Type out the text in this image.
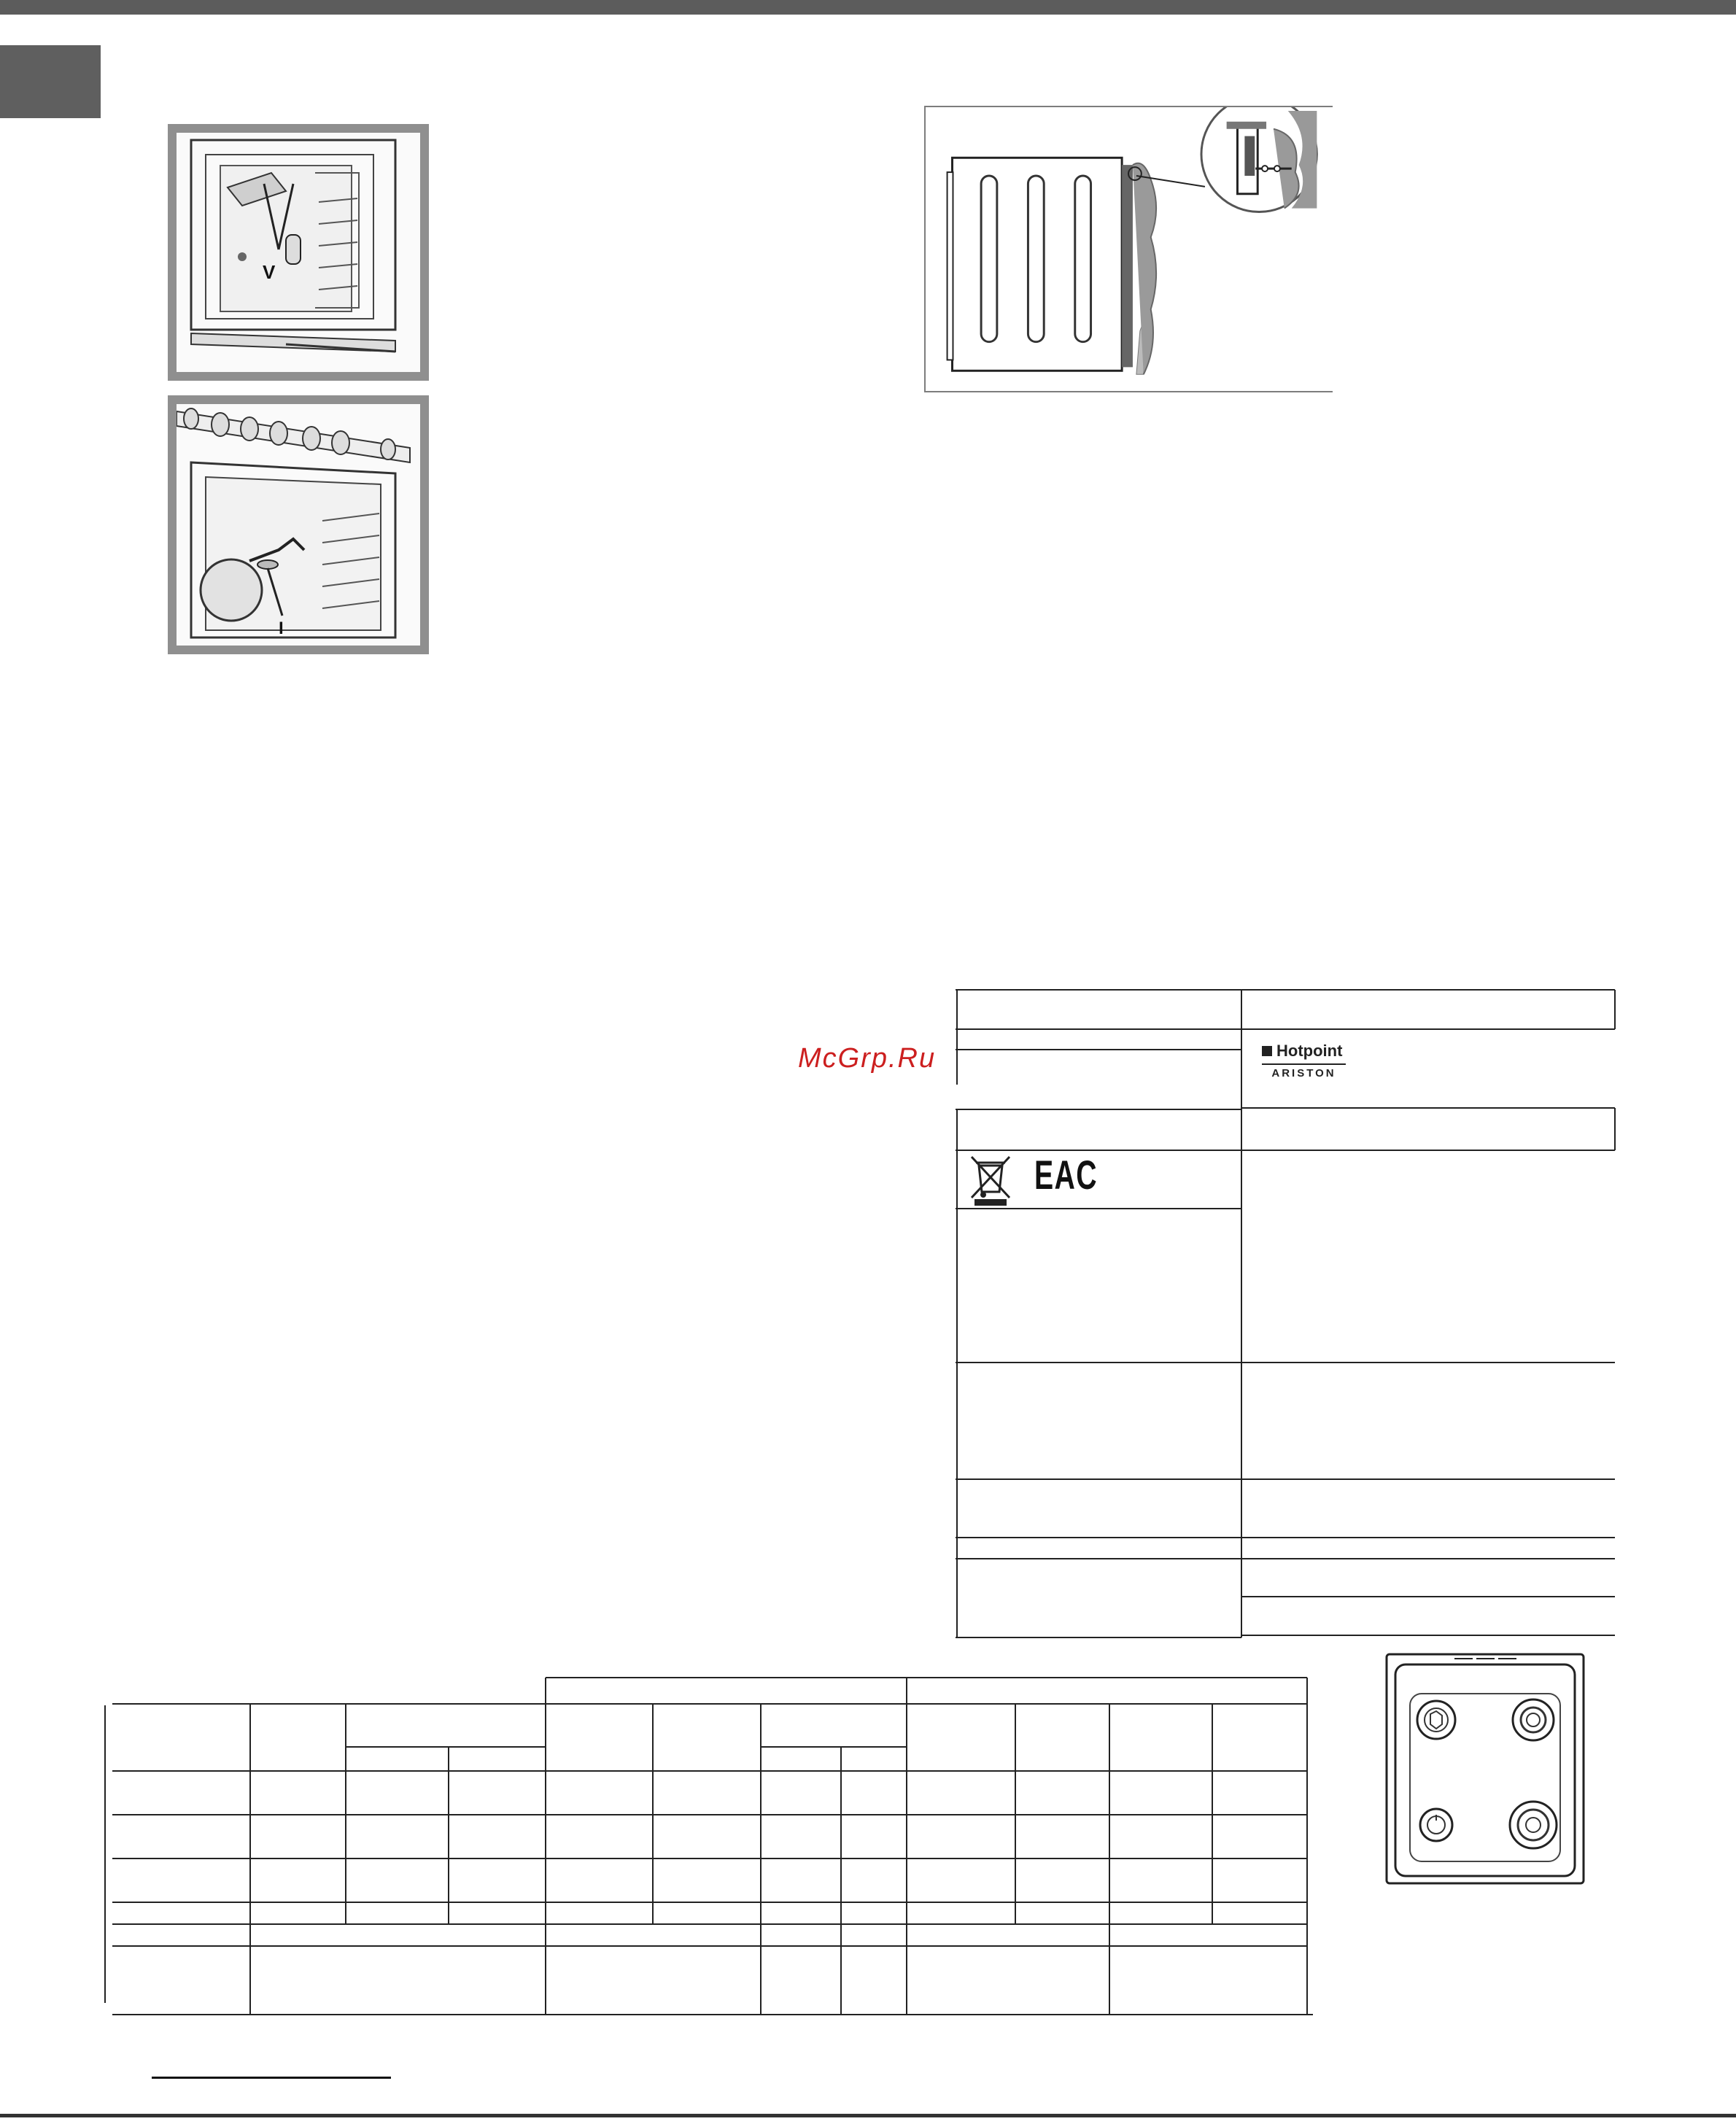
V
I
McGrp.Ru	Hotpoint
ARISTON
EAC
